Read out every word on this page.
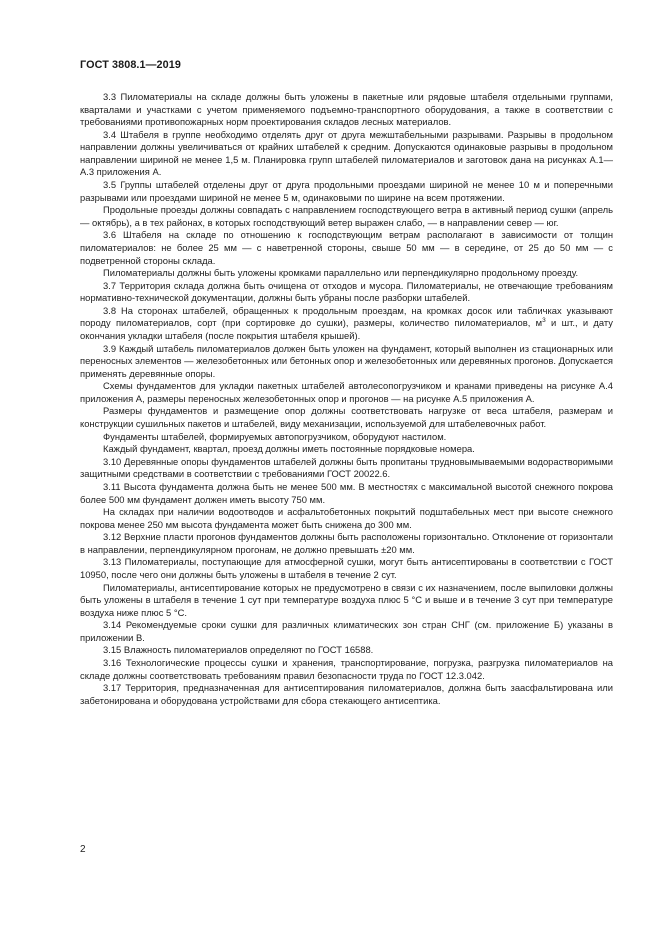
ГОСТ 3808.1—2019

3.3 Пиломатериалы на складе должны быть уложены в пакетные или рядовые штабеля отдельными группами, кварталами и участками с учетом применяемого подъемно-транспортного оборудования, а также в соответствии с требованиями противопожарных норм проектирования складов лесных материалов.

3.4 Штабеля в группе необходимо отделять друг от друга межштабельными разрывами. Разрывы в продольном направлении должны увеличиваться от крайних штабелей к средним. Допускаются одинаковые разрывы в продольном направлении шириной не менее 1,5 м. Планировка групп штабелей пиломатериалов и заготовок дана на рисунках А.1—А.3 приложения А.

3.5 Группы штабелей отделены друг от друга продольными проездами шириной не менее 10 м и поперечными разрывами или проездами шириной не менее 5 м, одинаковыми по ширине на всем протяжении.

Продольные проезды должны совпадать с направлением господствующего ветра в активный период сушки (апрель — октябрь), а в тех районах, в которых господствующий ветер выражен слабо, — в направлении север — юг.

3.6 Штабеля на складе по отношению к господствующим ветрам располагают в зависимости от толщин пиломатериалов: не более 25 мм — с наветренной стороны, свыше 50 мм — в середине, от 25 до 50 мм — с подветренной стороны склада.

Пиломатериалы должны быть уложены кромками параллельно или перпендикулярно продольному проезду.

3.7 Территория склада должна быть очищена от отходов и мусора. Пиломатериалы, не отвечающие требованиям нормативно-технической документации, должны быть убраны после разборки штабелей.

3.8 На сторонах штабелей, обращенных к продольным проездам, на кромках досок или табличках указывают породу пиломатериалов, сорт (при сортировке до сушки), размеры, количество пиломатериалов, $м^3$ и шт., и дату окончания укладки штабеля (после покрытия штабеля крышей).

3.9 Каждый штабель пиломатериалов должен быть уложен на фундамент, который выполнен из стационарных или переносных элементов — железобетонных или бетонных опор и железобетонных или деревянных прогонов. Допускается применять деревянные опоры.

Схемы фундаментов для укладки пакетных штабелей автолесопогрузчиком и кранами приведены на рисунке А.4 приложения А, размеры переносных железобетонных опор и прогонов — на рисунке А.5 приложения А.

Размеры фундаментов и размещение опор должны соответствовать нагрузке от веса штабеля, размерам и конструкции сушильных пакетов и штабелей, виду механизации, используемой для штабелевочных работ.

Фундаменты штабелей, формируемых автопогрузчиком, оборудуют настилом.

Каждый фундамент, квартал, проезд должны иметь постоянные порядковые номера.

3.10 Деревянные опоры фундаментов штабелей должны быть пропитаны трудновымываемыми водорастворимыми защитными средствами в соответствии с требованиями ГОСТ 20022.6.

3.11 Высота фундамента должна быть не менее 500 мм. В местностях с максимальной высотой снежного покрова более 500 мм фундамент должен иметь высоту 750 мм.

На складах при наличии водоотводов и асфальтобетонных покрытий подштабельных мест при высоте снежного покрова менее 250 мм высота фундамента может быть снижена до 300 мм.

3.12 Верхние пласти прогонов фундаментов должны быть расположены горизонтально. Отклонение от горизонтали в направлении, перпендикулярном прогонам, не должно превышать ±20 мм.

3.13 Пиломатериалы, поступающие для атмосферной сушки, могут быть антисептированы в соответствии с ГОСТ 10950, после чего они должны быть уложены в штабеля в течение 2 сут.

Пиломатериалы, антисептирование которых не предусмотрено в связи с их назначением, после выпиловки должны быть уложены в штабеля в течение 1 сут при температуре воздуха плюс 5 °С и выше и в течение 3 сут при температуре воздуха ниже плюс 5 °С.

3.14 Рекомендуемые сроки сушки для различных климатических зон стран СНГ (см. приложение Б) указаны в приложении В.

3.15 Влажность пиломатериалов определяют по ГОСТ 16588.

3.16 Технологические процессы сушки и хранения, транспортирование, погрузка, разгрузка пиломатериалов на складе должны соответствовать требованиям правил безопасности труда по ГОСТ 12.3.042.

3.17 Территория, предназначенная для антисептирования пиломатериалов, должна быть заасфальтирована или забетонирована и оборудована устройствами для сбора стекающего антисептика.

2
